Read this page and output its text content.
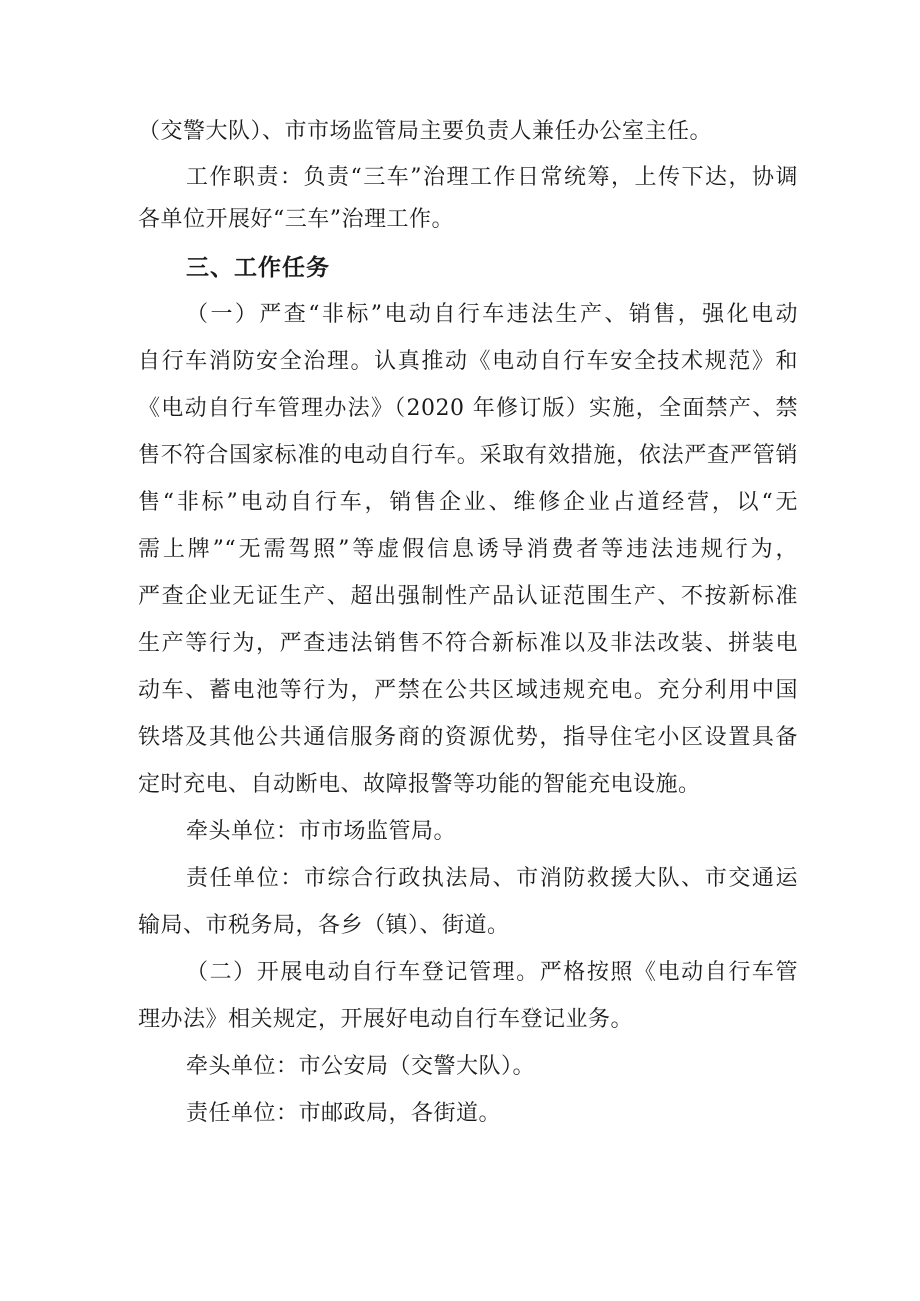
（交警大队）、市市场监管局主要负责人兼任办公室主任。
工作职责：负责“三车”治理工作日常统筹，上传下达，协调
各单位开展好“三车”治理工作。
三、工作任务
（一）严查“非标”电动自行车违法生产、销售，强化电动
自行车消防安全治理。认真推动《电动自行车安全技术规范》和
《电动自行车管理办法》（2020 年修订版）实施，全面禁产、禁
售不符合国家标准的电动自行车。采取有效措施，依法严查严管销
售“非标”电动自行车，销售企业、维修企业占道经营，以“无
需上牌”“无需驾照”等虚假信息诱导消费者等违法违规行为，
严查企业无证生产、超出强制性产品认证范围生产、不按新标准
生产等行为，严查违法销售不符合新标准以及非法改装、拼装电
动车、蓄电池等行为，严禁在公共区域违规充电。充分利用中国
铁塔及其他公共通信服务商的资源优势，指导住宅小区设置具备
定时充电、自动断电、故障报警等功能的智能充电设施。
牵头单位：市市场监管局。
责任单位：市综合行政执法局、市消防救援大队、市交通运
输局、市税务局，各乡（镇）、街道。
（二）开展电动自行车登记管理。严格按照《电动自行车管
理办法》相关规定，开展好电动自行车登记业务。
牵头单位：市公安局（交警大队）。
责任单位：市邮政局，各街道。
